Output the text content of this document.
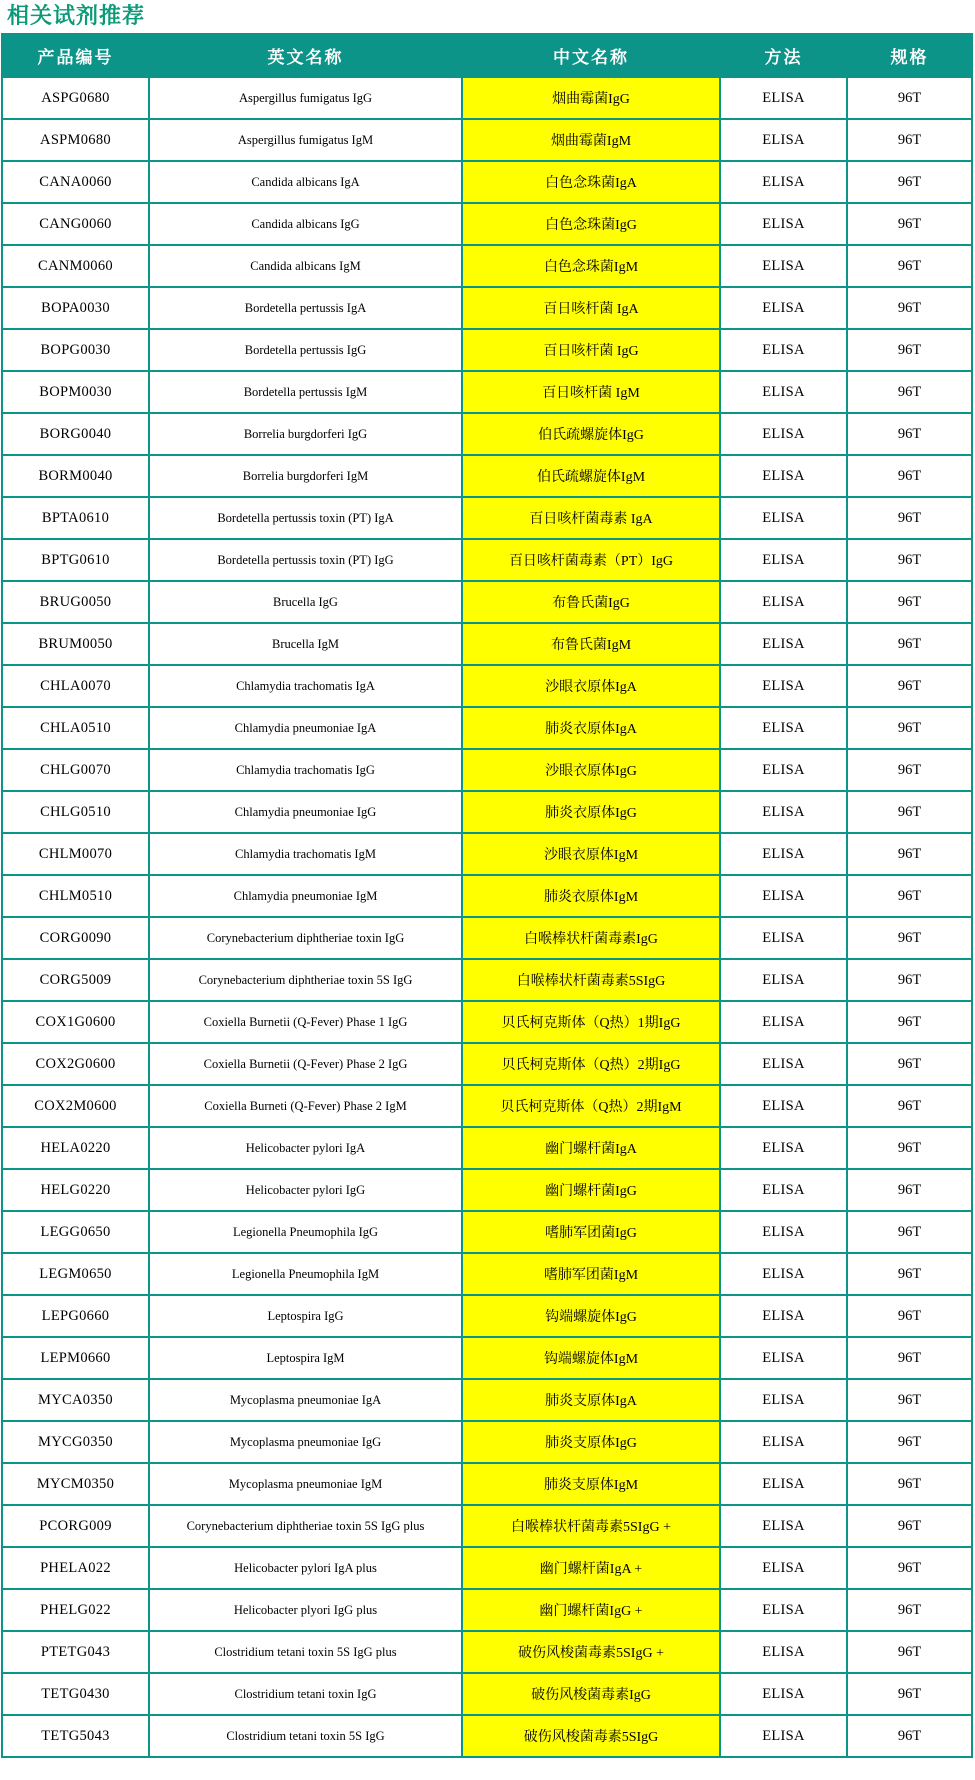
相关试剂推荐
产品编号	英文名称	中文名称	方法	规格
ASPG0680	Aspergillus fumigatus IgG	烟曲霉菌IgG	ELISA	96T
ASPM0680	Aspergillus fumigatus IgM	烟曲霉菌IgM	ELISA	96T
CANA0060	Candida albicans IgA	白色念珠菌IgA	ELISA	96T
CANG0060	Candida albicans IgG	白色念珠菌IgG	ELISA	96T
CANM0060	Candida albicans IgM	白色念珠菌IgM	ELISA	96T
BOPA0030	Bordetella pertussis IgA	百日咳杆菌 IgA	ELISA	96T
BOPG0030	Bordetella pertussis IgG	百日咳杆菌 IgG	ELISA	96T
BOPM0030	Bordetella pertussis IgM	百日咳杆菌 IgM	ELISA	96T
BORG0040	Borrelia burgdorferi IgG	伯氏疏螺旋体IgG	ELISA	96T
BORM0040	Borrelia burgdorferi IgM	伯氏疏螺旋体IgM	ELISA	96T
BPTA0610	Bordetella pertussis toxin (PT) IgA	百日咳杆菌毒素 IgA	ELISA	96T
BPTG0610	Bordetella pertussis toxin (PT) IgG	百日咳杆菌毒素（PT）IgG	ELISA	96T
BRUG0050	Brucella IgG	布鲁氏菌IgG	ELISA	96T
BRUM0050	Brucella IgM	布鲁氏菌IgM	ELISA	96T
CHLA0070	Chlamydia trachomatis IgA	沙眼衣原体IgA	ELISA	96T
CHLA0510	Chlamydia pneumoniae IgA	肺炎衣原体IgA	ELISA	96T
CHLG0070	Chlamydia trachomatis IgG	沙眼衣原体IgG	ELISA	96T
CHLG0510	Chlamydia pneumoniae IgG	肺炎衣原体IgG	ELISA	96T
CHLM0070	Chlamydia trachomatis IgM	沙眼衣原体IgM	ELISA	96T
CHLM0510	Chlamydia pneumoniae IgM	肺炎衣原体IgM	ELISA	96T
CORG0090	Corynebacterium diphtheriae toxin IgG	白喉棒状杆菌毒素IgG	ELISA	96T
CORG5009	Corynebacterium diphtheriae toxin 5S IgG	白喉棒状杆菌毒素5SIgG	ELISA	96T
COX1G0600	Coxiella Burnetii (Q-Fever) Phase 1 IgG	贝氏柯克斯体（Q热）1期IgG	ELISA	96T
COX2G0600	Coxiella Burnetii (Q-Fever) Phase 2 IgG	贝氏柯克斯体（Q热）2期IgG	ELISA	96T
COX2M0600	Coxiella Burneti (Q-Fever) Phase 2 IgM	贝氏柯克斯体（Q热）2期IgM	ELISA	96T
HELA0220	Helicobacter pylori IgA	幽门螺杆菌IgA	ELISA	96T
HELG0220	Helicobacter pylori IgG	幽门螺杆菌IgG	ELISA	96T
LEGG0650	Legionella Pneumophila IgG	嗜肺军团菌IgG	ELISA	96T
LEGM0650	Legionella Pneumophila IgM	嗜肺军团菌IgM	ELISA	96T
LEPG0660	Leptospira IgG	钩端螺旋体IgG	ELISA	96T
LEPM0660	Leptospira IgM	钩端螺旋体IgM	ELISA	96T
MYCA0350	Mycoplasma pneumoniae IgA	肺炎支原体IgA	ELISA	96T
MYCG0350	Mycoplasma pneumoniae IgG	肺炎支原体IgG	ELISA	96T
MYCM0350	Mycoplasma pneumoniae IgM	肺炎支原体IgM	ELISA	96T
PCORG009	Corynebacterium diphtheriae toxin 5S IgG plus	白喉棒状杆菌毒素5SIgG +	ELISA	96T
PHELA022	Helicobacter pylori IgA plus	幽门螺杆菌IgA +	ELISA	96T
PHELG022	Helicobacter plyori IgG plus	幽门螺杆菌IgG +	ELISA	96T
PTETG043	Clostridium tetani toxin 5S IgG plus	破伤风梭菌毒素5SIgG +	ELISA	96T
TETG0430	Clostridium tetani toxin IgG	破伤风梭菌毒素IgG	ELISA	96T
TETG5043	Clostridium tetani toxin 5S IgG	破伤风梭菌毒素5SIgG	ELISA	96T
